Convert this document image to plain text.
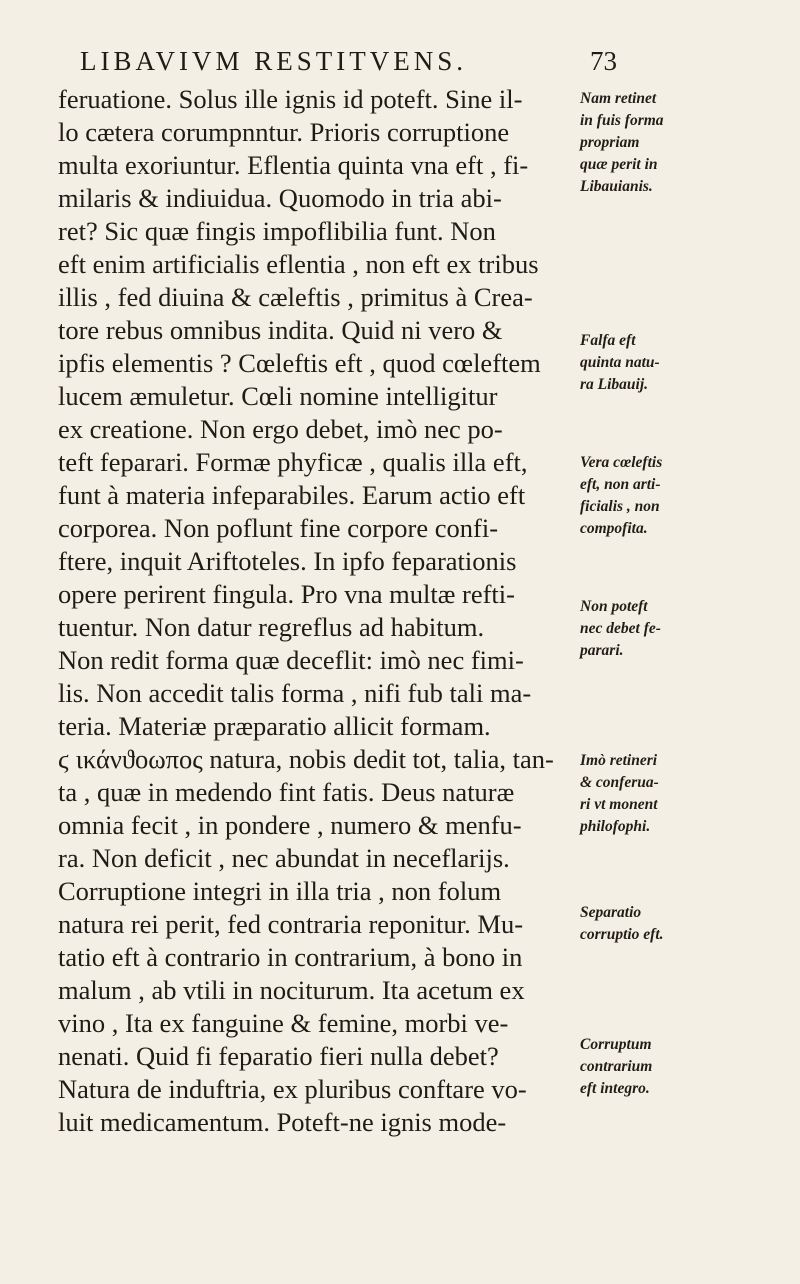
LIBAVIVM RESTITVENS.	73
feruatione. Solus ille ignis id poteft. Sine il-
lo cætera corumpnntur. Prioris corruptione
multa exoriuntur. Eflentia quinta vna eft , fi-
milaris & indiuidua. Quomodo in tria abi-
ret? Sic quæ fingis impoflibilia funt. Non
eft enim artificialis eflentia , non eft ex tribus
illis , fed diuina & cæleftis , primitus à Crea-
tore rebus omnibus indita. Quid ni vero &
ipfis elementis ? Cœleftis eft , quod cœleftem
lucem æmuletur. Cœli nomine intelligitur
ex creatione. Non ergo debet, imò nec po-
teft feparari. Formæ phyficæ , qualis illa eft,
funt à materia infeparabiles. Earum actio eft
corporea. Non poflunt fine corpore confi-
ftere, inquit Ariftoteles. In ipfo feparationis
opere perirent fingula. Pro vna multæ refti-
tuentur. Non datur regreflus ad habitum.
Non redit forma quæ deceflit: imò nec fimi-
lis. Non accedit talis forma , nifi fub tali ma-
teria. Materiæ præparatio allicit formam.
ϛ ικάνϑοωπος natura, nobis dedit tot, talia, tan-
ta , quæ in medendo fint fatis. Deus naturæ
omnia fecit , in pondere , numero & menfu-
ra. Non deficit , nec abundat in neceflarijs.
Corruptione integri in illa tria , non folum
natura rei perit, fed contraria reponitur. Mu-
tatio eft à contrario in contrarium, à bono in
malum , ab vtili in nociturum. Ita acetum ex
vino , Ita ex fanguine & femine, morbi ve-
nenati. Quid fi feparatio fieri nulla debet?
Natura de induftria, ex pluribus conftare vo-
luit medicamentum. Poteft-ne ignis mode-
Nam retinet
in fuis forma
propriam
quæ perit in
Libauianis.
Falfa eft
quinta natu-
ra Libauij.
Vera cœleftis
eft, non arti-
ficialis , non
compofita.
Non poteft
nec debet fe-
parari.
Imò retineri
& conferua-
ri vt monent
philofophi.
Separatio
corruptio eft.
Corruptum
contrarium
eft integro.
